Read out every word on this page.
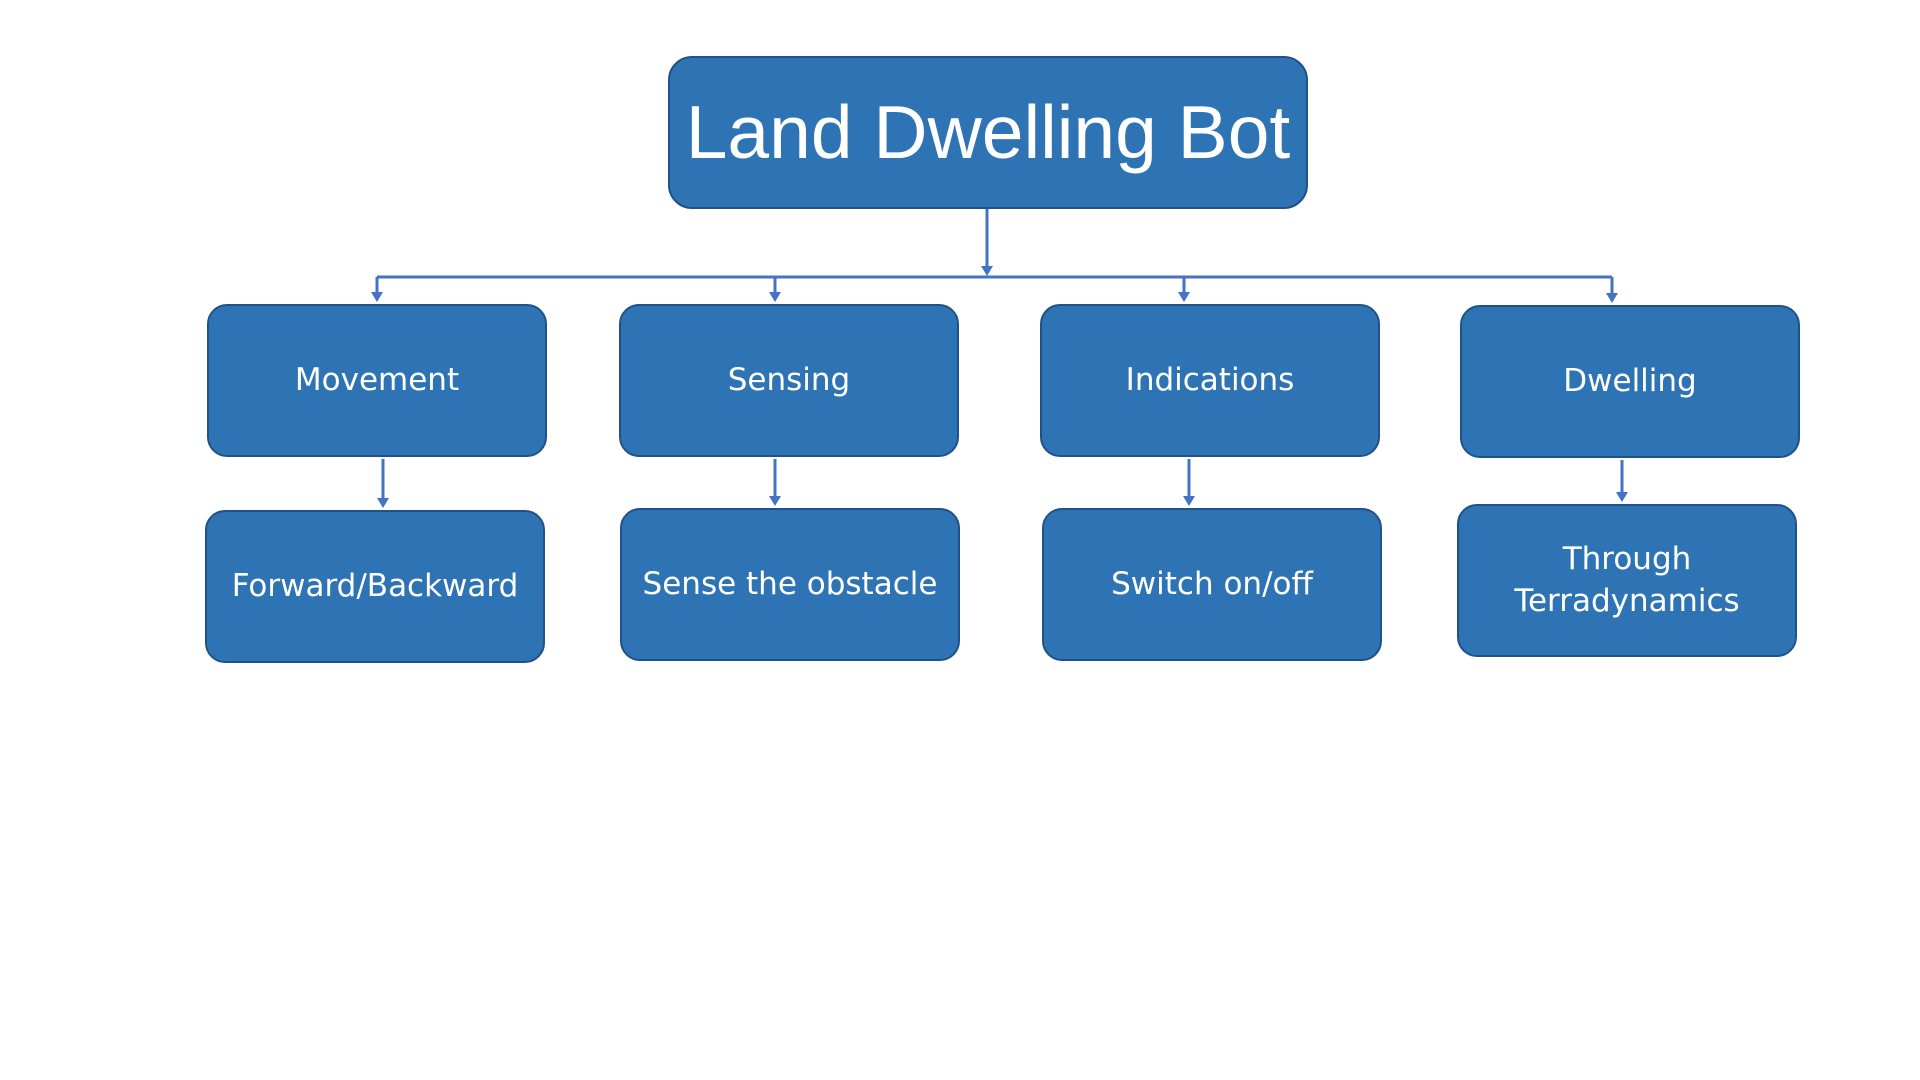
Land Dwelling Bot
Movement	Sensing	Indications	Dwelling
Forward/Backward	Sense the obstacle	Switch on/off
Through
Terradynamics
